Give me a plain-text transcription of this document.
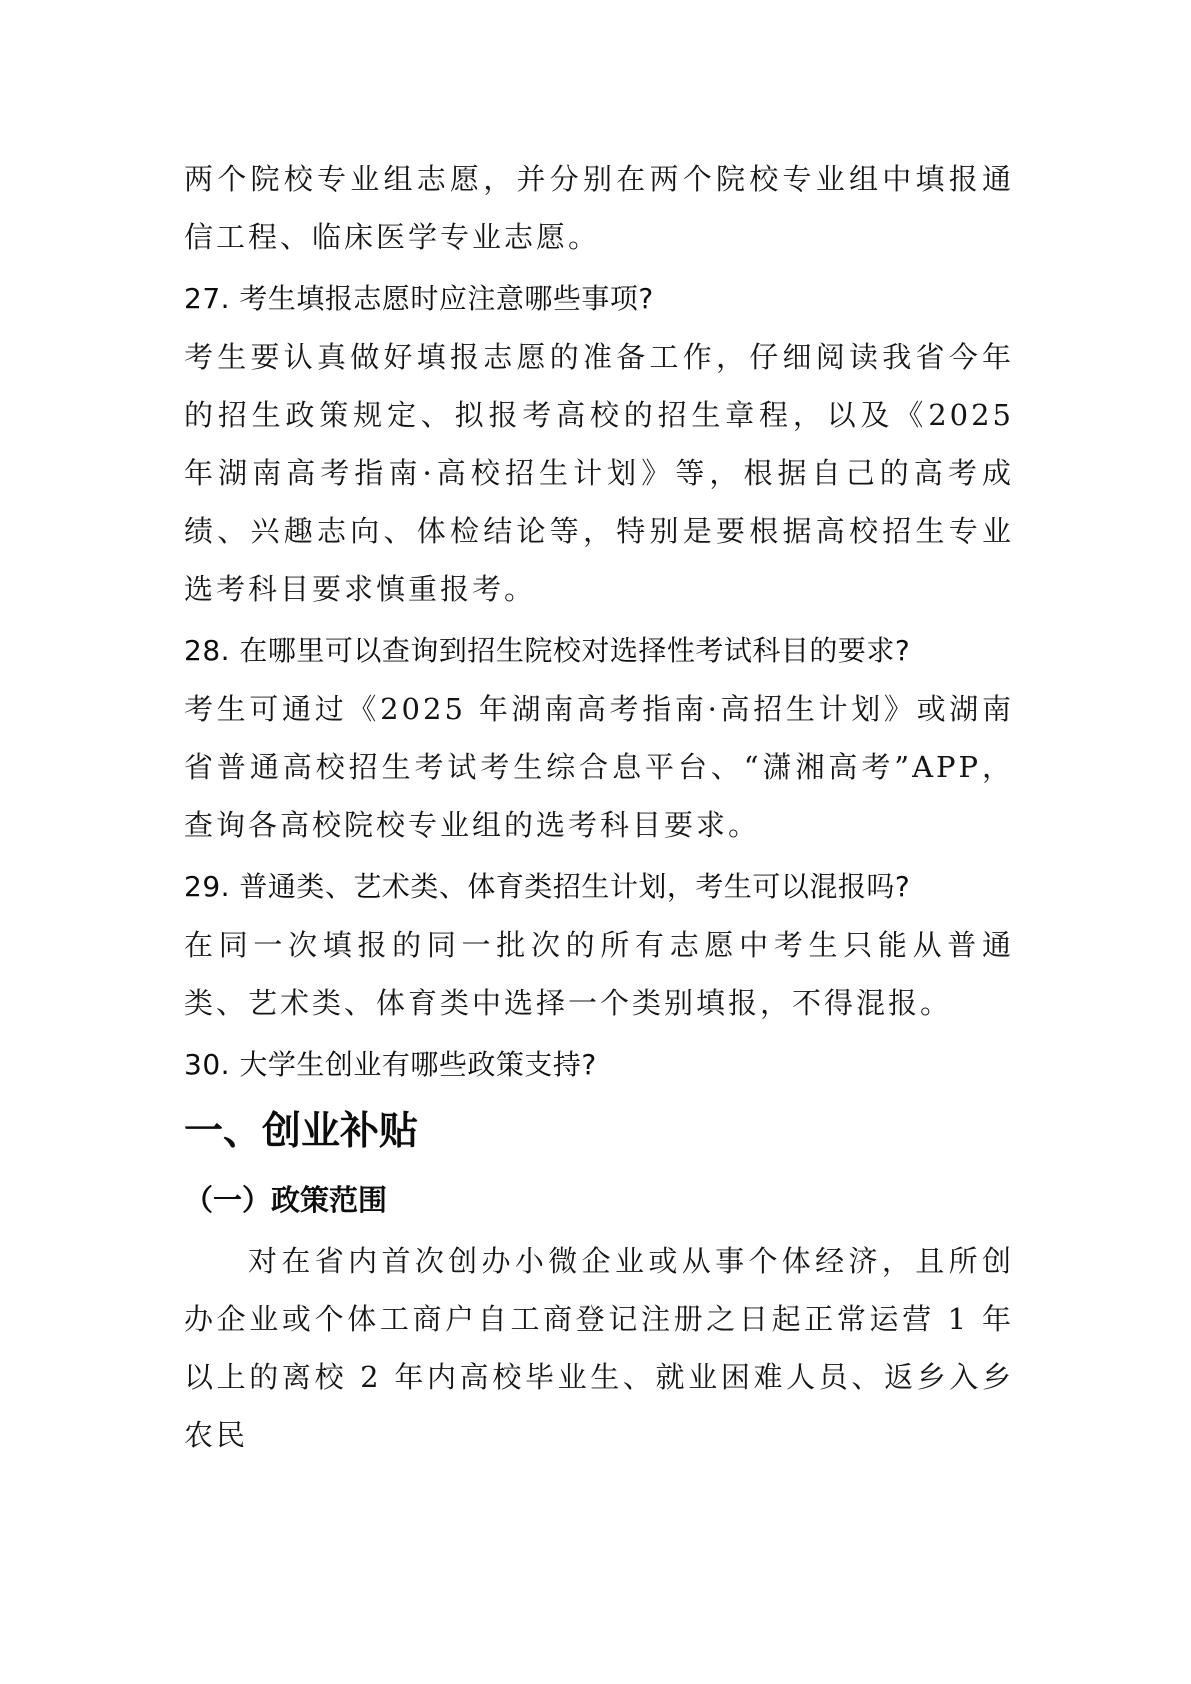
两个院校专业组志愿，并分别在两个院校专业组中填报通信工程、临床医学专业志愿。

27. 考生填报志愿时应注意哪些事项?

考生要认真做好填报志愿的准备工作，仔细阅读我省今年的招生政策规定、拟报考高校的招生章程，以及《2025 年湖南高考指南·高校招生计划》等，根据自己的高考成绩、兴趣志向、体检结论等，特别是要根据高校招生专业选考科目要求慎重报考。

28. 在哪里可以查询到招生院校对选择性考试科目的要求?

考生可通过《2025 年湖南高考指南·高招生计划》或湖南省普通高校招生考试考生综合息平台、“潇湘高考”APP，查询各高校院校专业组的选考科目要求。

29. 普通类、艺术类、体育类招生计划，考生可以混报吗?

在同一次填报的同一批次的所有志愿中考生只能从普通类、艺术类、体育类中选择一个类别填报，不得混报。

30. 大学生创业有哪些政策支持?

一、创业补贴
（一）政策范围

对在省内首次创办小微企业或从事个体经济，且所创办企业或个体工商户自工商登记注册之日起正常运营 1 年以上的离校 2 年内高校毕业生、就业困难人员、返乡入乡农民
